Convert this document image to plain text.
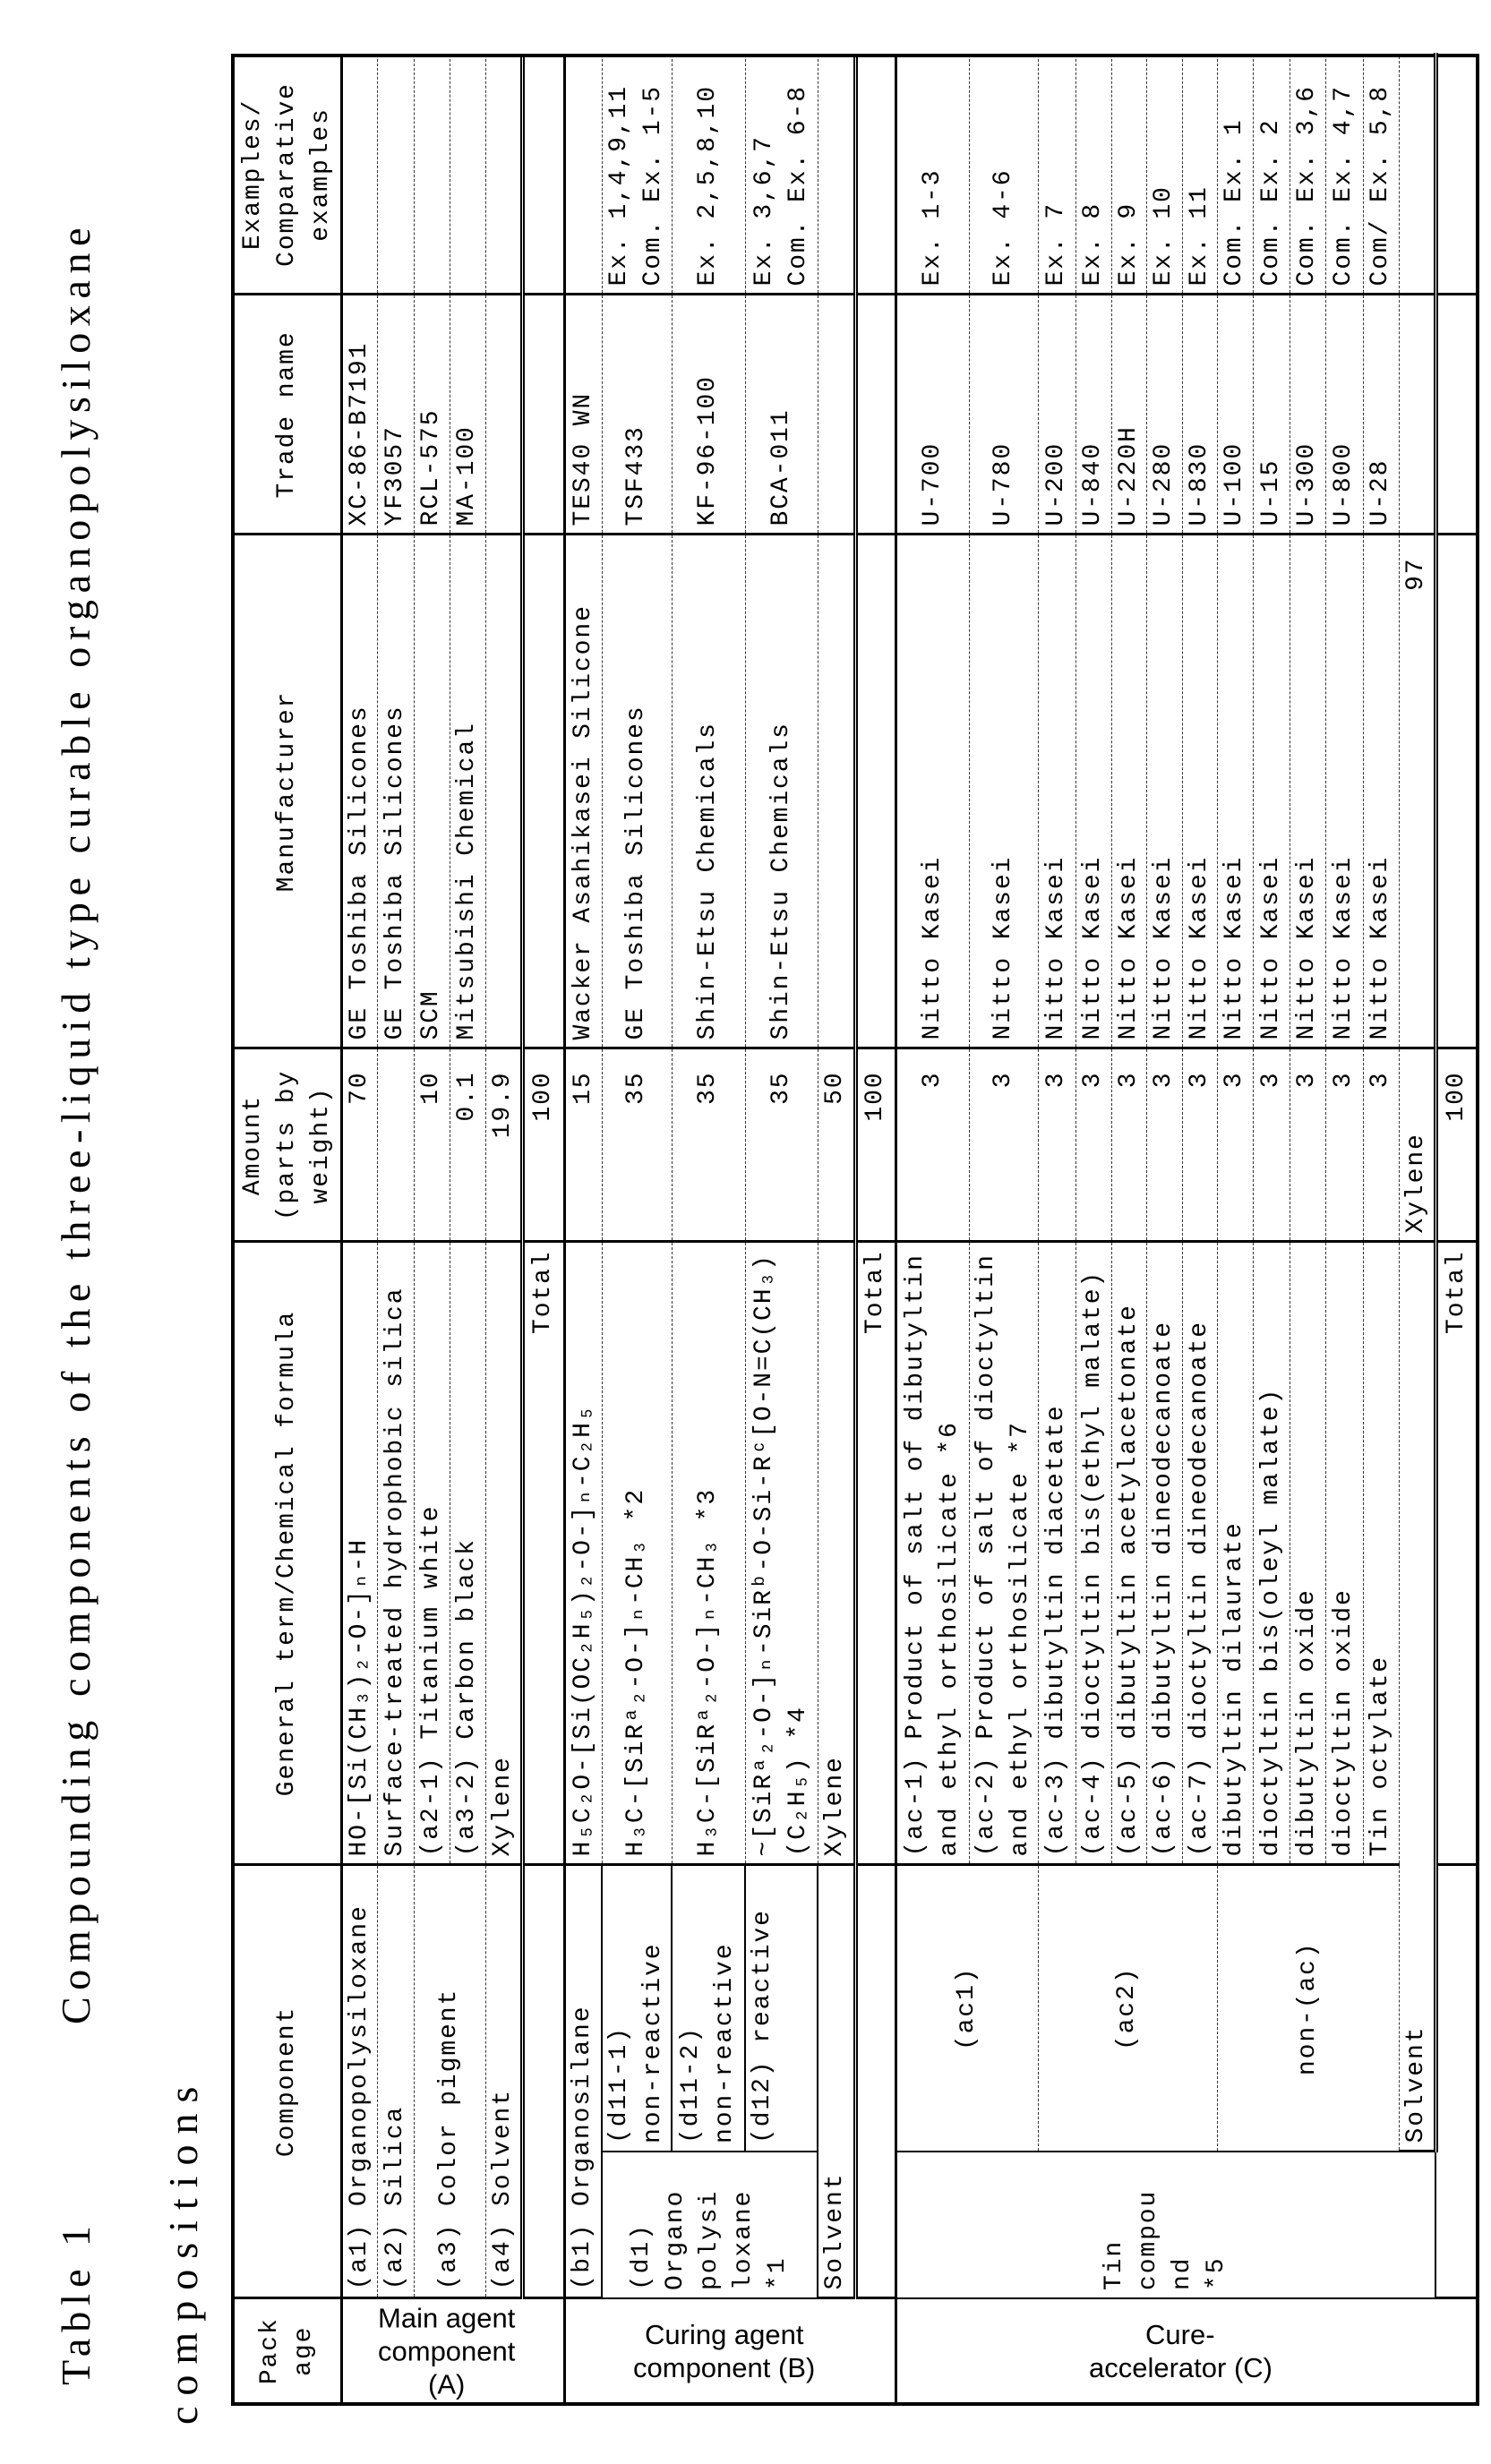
Table 1
Compounding components of the three-liquid type curable organopolysiloxane
compositions Pack
age	Component	General term/Chemical formula	Amount
(parts by
weight)	Manufacturer	Trade name	Examples/
Comparative
examples
Main agent
component
(A)	(a1) Organopolysiloxane	HO-[Si(CH₃)₂-O-]ₙ-H	70	GE Toshiba Silicones	XC-86-B7191	
(a2) Silica	Surface-treated hydrophobic silica		GE Toshiba Silicones	YF3057	
(a3) Color pigment	(a2-1) Titanium white	10	SCM	RCL-575	
(a3-2) Carbon black	0.1	Mitsubishi Chemical	MA-100	
(a4) Solvent	Xylene	19.9			
	Total	100			
Curing agent
component (B)	(b1) Organosilane	H₅C₂O-[Si(OC₂H₅)₂-O-]ₙ-C₂H₅	15	Wacker Asahikasei Silicone	TES40 WN	
(d1)
Organo
polysi
loxane
*1	(d11-1)
non-reactive	H₃C-[SiRᵃ₂-O-]ₙ-CH₃ *2	35	GE Toshiba Silicones	TSF433	Ex. 1,4,9,11
Com. Ex. 1-5
(d11-2)
non-reactive	H₃C-[SiRᵃ₂-O-]ₙ-CH₃ *3	35	Shin-Etsu Chemicals	KF-96-100	Ex. 2,5,8,10
(d12) reactive	~[SiRᵃ₂-O-]ₙ-SiRᵇ-O-Si-Rᶜ[O-N=C(CH₃)
(C₂H₅) *4	35	Shin-Etsu Chemicals	BCA-011	Ex. 3,6,7
Com. Ex. 6-8
Solvent	Xylene	50			
	Total	100			
Cure-
accelerator (C)	Tin
compou
nd
*5	(ac1)	(ac-1) Product of salt of dibutyltin
and ethyl orthosilicate *6	3	Nitto Kasei	U-700	Ex. 1-3
(ac-2) Product of salt of dioctyltin
and ethyl orthosilicate *7	3	Nitto Kasei	U-780	Ex. 4-6
(ac2)	(ac-3) dibutyltin diacetate	3	Nitto Kasei	U-200	Ex. 7
(ac-4) dioctyltin bis(ethyl malate)	3	Nitto Kasei	U-840	Ex. 8
(ac-5) dibutyltin acetylacetonate	3	Nitto Kasei	U-220H	Ex. 9
(ac-6) dibutyltin dineodecanoate	3	Nitto Kasei	U-280	Ex. 10
(ac-7) dioctyltin dineodecanoate	3	Nitto Kasei	U-830	Ex. 11
non-(ac)	dibutyltin dilaurate	3	Nitto Kasei	U-100	Com. Ex. 1
dioctyltin bis(oleyl malate)	3	Nitto Kasei	U-15	Com. Ex. 2
dibutyltin oxide	3	Nitto Kasei	U-300	Com. Ex. 3,6
dioctyltin oxide	3	Nitto Kasei	U-800	Com. Ex. 4,7
Tin octylate	3	Nitto Kasei	U-28	Com/ Ex. 5,8
Solvent	Xylene	97			
	Total	100			
